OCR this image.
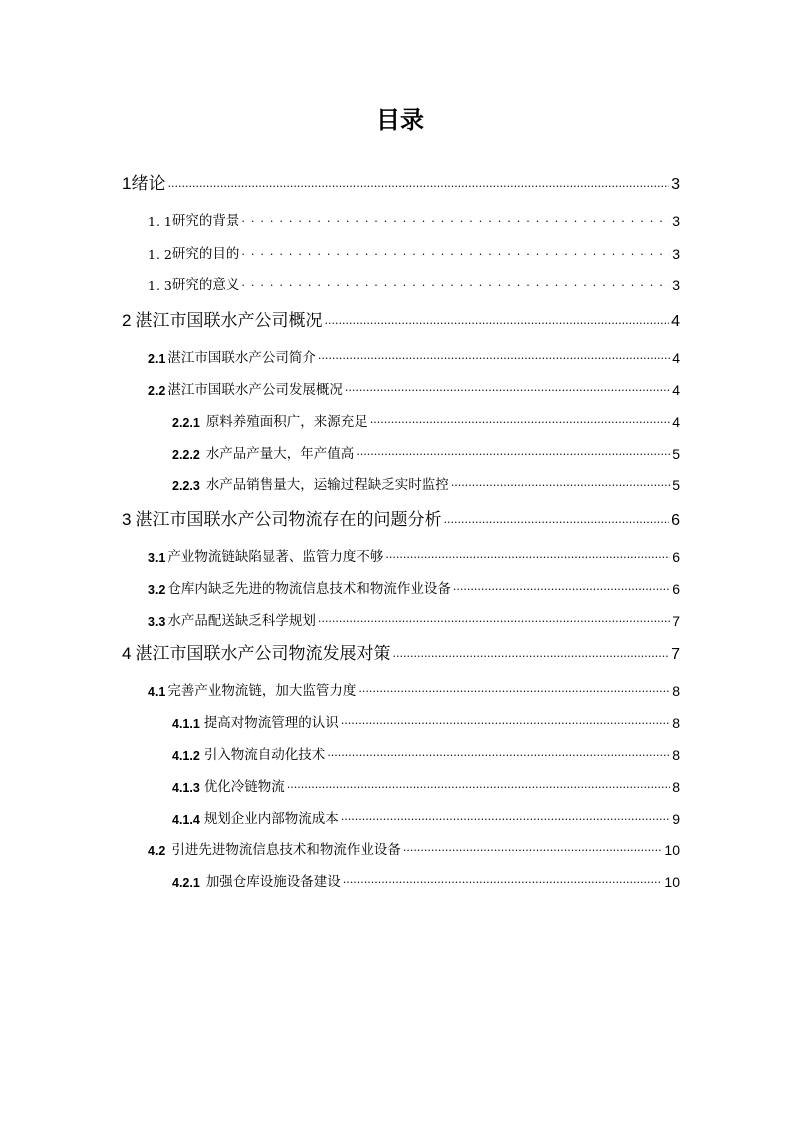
目录
1 绪论 .....	3
1. 1 研究的背景 .....	3
1. 2 研究的目的 .....	3
1. 3 研究的意义 .....	3
2 湛江市国联水产公司概况 .....	4
2.1 湛江市国联水产公司简介 .....	4
2.2 湛江市国联水产公司发展概况 .....	4
2.2.1 原料养殖面积广，来源充足 .....	4
2.2.2 水产品产量大，年产值高 .....	5
2.2.3 水产品销售量大，运输过程缺乏实时监控 .....	5
3 湛江市国联水产公司物流存在的问题分析 .....	6
3.1 产业物流链缺陷显著、监管力度不够 .....	6
3.2 仓库内缺乏先进的物流信息技术和物流作业设备 .....	6
3.3 水产品配送缺乏科学规划 .....	7
4 湛江市国联水产公司物流发展对策 .....	7
4.1 完善产业物流链，加大监管力度 .....	8
4.1.1 提高对物流管理的认识 .....	8
4.1.2 引入物流自动化技术 .....	8
4.1.3 优化冷链物流 .....	8
4.1.4 规划企业内部物流成本 .....	9
4.2 引进先进物流信息技术和物流作业设备 .....	10
4.2.1 加强仓库设施设备建设 .....	10
